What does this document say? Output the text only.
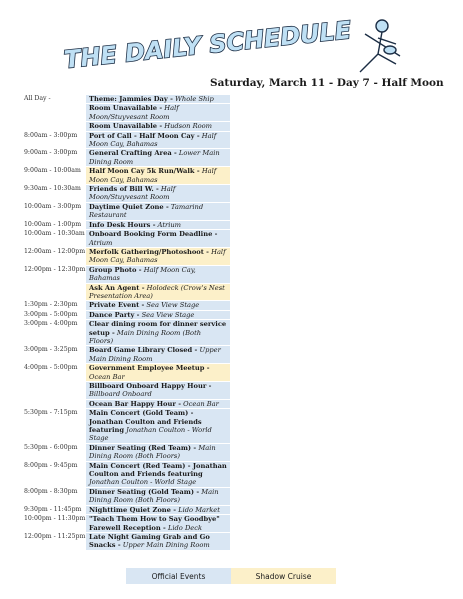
THE DAILY SCHEDULE
Saturday, March 11 - Day 7 - Half Moon
All Day -	Theme: Jammies Day - Whole Ship
Room Unavailable - Half Moon/Stuyvesant Room
Room Unavailable - Hudson Room
8:00am - 3:00pm	Port of Call - Half Moon Cay - Half Moon Cay, Bahamas
9:00am - 3:00pm	General Crafting Area - Lower Main Dining Room
9:00am - 10:00am	Half Moon Cay 5k Run/Walk - Half Moon Cay, Bahamas
9:30am - 10:30am	Friends of Bill W. - Half Moon/Stuyvesant Room
10:00am - 3:00pm	Daytime Quiet Zone - Tamarind Restaurant
10:00am - 1:00pm	Info Desk Hours - Atrium
10:00am - 10:30am Onboard Booking Form Deadline - Atrium
12:00am - 12:00pm Merfolk Gathering/Photoshoot - Half Moon Cay, Bahamas
12:00pm - 12:30pm Group Photo - Half Moon Cay, Bahamas
Ask An Agent - Holodeck (Crow's Nest Presentation Area)
1:30pm - 2:30pm	Private Event - Sea View Stage
3:00pm - 5:00pm	Dance Party - Sea View Stage
3:00pm - 4:00pm	Clear dining room for dinner service setup - Main Dining Room (Both Floors)
3:00pm - 3:25pm	Board Game Library Closed - Upper Main Dining Room
4:00pm - 5:00pm	Government Employee Meetup - Ocean Bar
Billboard Onboard Happy Hour - Billboard Onboard
Ocean Bar Happy Hour - Ocean Bar
5:30pm - 7:15pm	Main Concert (Gold Team) - Jonathan Coulton and Friends featuring Jonathan Coulton - World Stage
5:30pm - 6:00pm	Dinner Seating (Red Team) - Main Dining Room (Both Floors)
8:00pm - 9:45pm	Main Concert (Red Team) - Jonathan Coulton and Friends featuring Jonathan Coulton - World Stage
8:00pm - 8:30pm	Dinner Seating (Gold Team) - Main Dining Room (Both Floors)
9:30pm - 11:45pm	Nighttime Quiet Zone - Lido Market
10:00pm - 11:30pm "Teach Them How to Say Goodbye" Farewell Reception - Lido Deck
12:00pm - 11:25pm Late Night Gaming Grab and Go Snacks - Upper Main Dining Room
Official Events	Shadow Cruise
